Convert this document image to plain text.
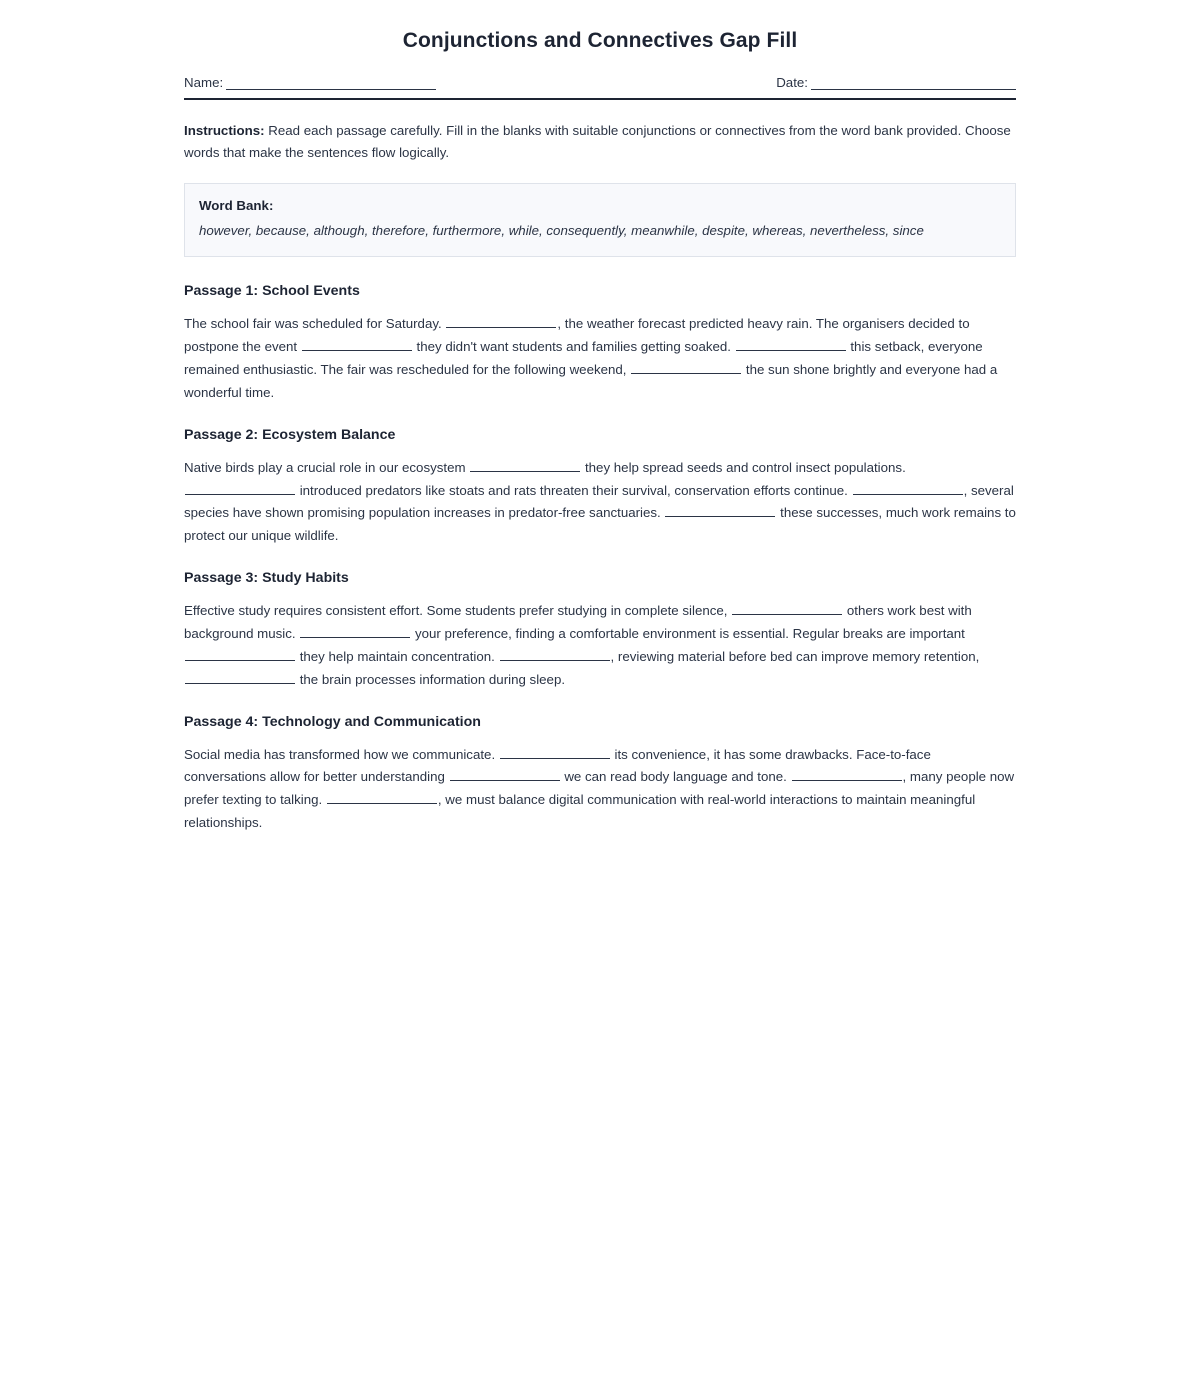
Conjunctions and Connectives Gap Fill
Name:	Date:

Instructions: Read each passage carefully. Fill in the blanks with suitable conjunctions or connectives from the word bank provided. Choose words that make the sentences flow logically.

Word Bank:
however, because, although, therefore, furthermore, while, consequently, meanwhile, despite, whereas, nevertheless, since
Passage 1: School Events

The school fair was scheduled for Saturday.	, the weather forecast predicted heavy rain. The organisers decided to postpone the event	they didn't want students and families getting soaked.	this setback, everyone remained enthusiastic. The fair was rescheduled for the following weekend,	the sun shone brightly and everyone had a wonderful time.

Passage 2: Ecosystem Balance

Native birds play a crucial role in our ecosystem	they help spread seeds and control insect populations.  introduced predators like stoats and rats threaten their survival, conservation efforts continue.	, several species have shown promising population increases in predator-free sanctuaries.	these successes, much work remains to protect our unique wildlife.

Passage 3: Study Habits

Effective study requires consistent effort. Some students prefer studying in complete silence,	others work best with background music.	your preference, finding a comfortable environment is essential. Regular breaks are important  they help maintain concentration.	, reviewing material before bed can improve memory retention,  the brain processes information during sleep.

Passage 4: Technology and Communication

Social media has transformed how we communicate.	its convenience, it has some drawbacks. Face-to-face conversations allow for better understanding	we can read body language and tone.	, many people now prefer texting to talking.	, we must balance digital communication with real-world interactions to maintain meaningful relationships.
